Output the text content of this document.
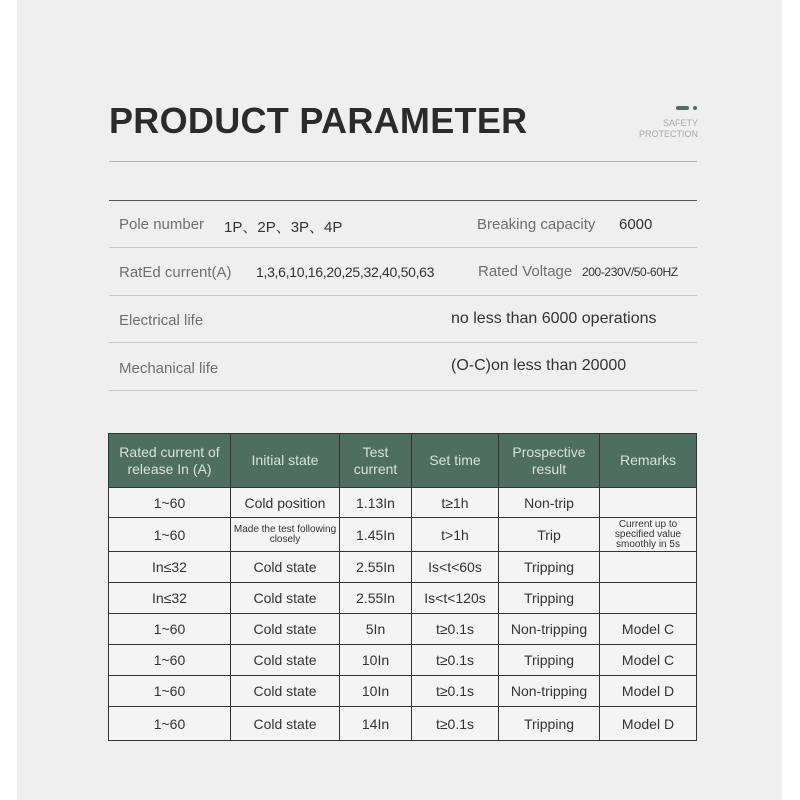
PRODUCT PARAMETER	SAFETY
PROTECTION
Pole number 1P、2P、3P、4P	Breaking capacity 6000
RatEd current(A) 1,3,6,10,16,20,25,32,40,50,63	Rated Voltage 200-230V/50-60HZ
Electrical life	no less than 6000 operations
Mechanical life	(O-C)on less than 20000
Rated current of release In (A)	Initial state	Test current	Set time	Prospective result	Remarks
1~60	Cold position	1.13In	t≥1h	Non-trip	
1~60	Made the test following closely	1.45In	t>1h	Trip	Current up to specified value smoothly in 5s
In≤32	Cold state	2.55In	Is<t<60s	Tripping	
In≤32	Cold state	2.55In	Is<t<120s	Tripping	
1~60	Cold state	5In	t≥0.1s	Non-tripping	Model C
1~60	Cold state	10In	t≥0.1s	Tripping	Model C
1~60	Cold state	10In	t≥0.1s	Non-tripping	Model D
1~60	Cold state	14In	t≥0.1s	Tripping	Model D
